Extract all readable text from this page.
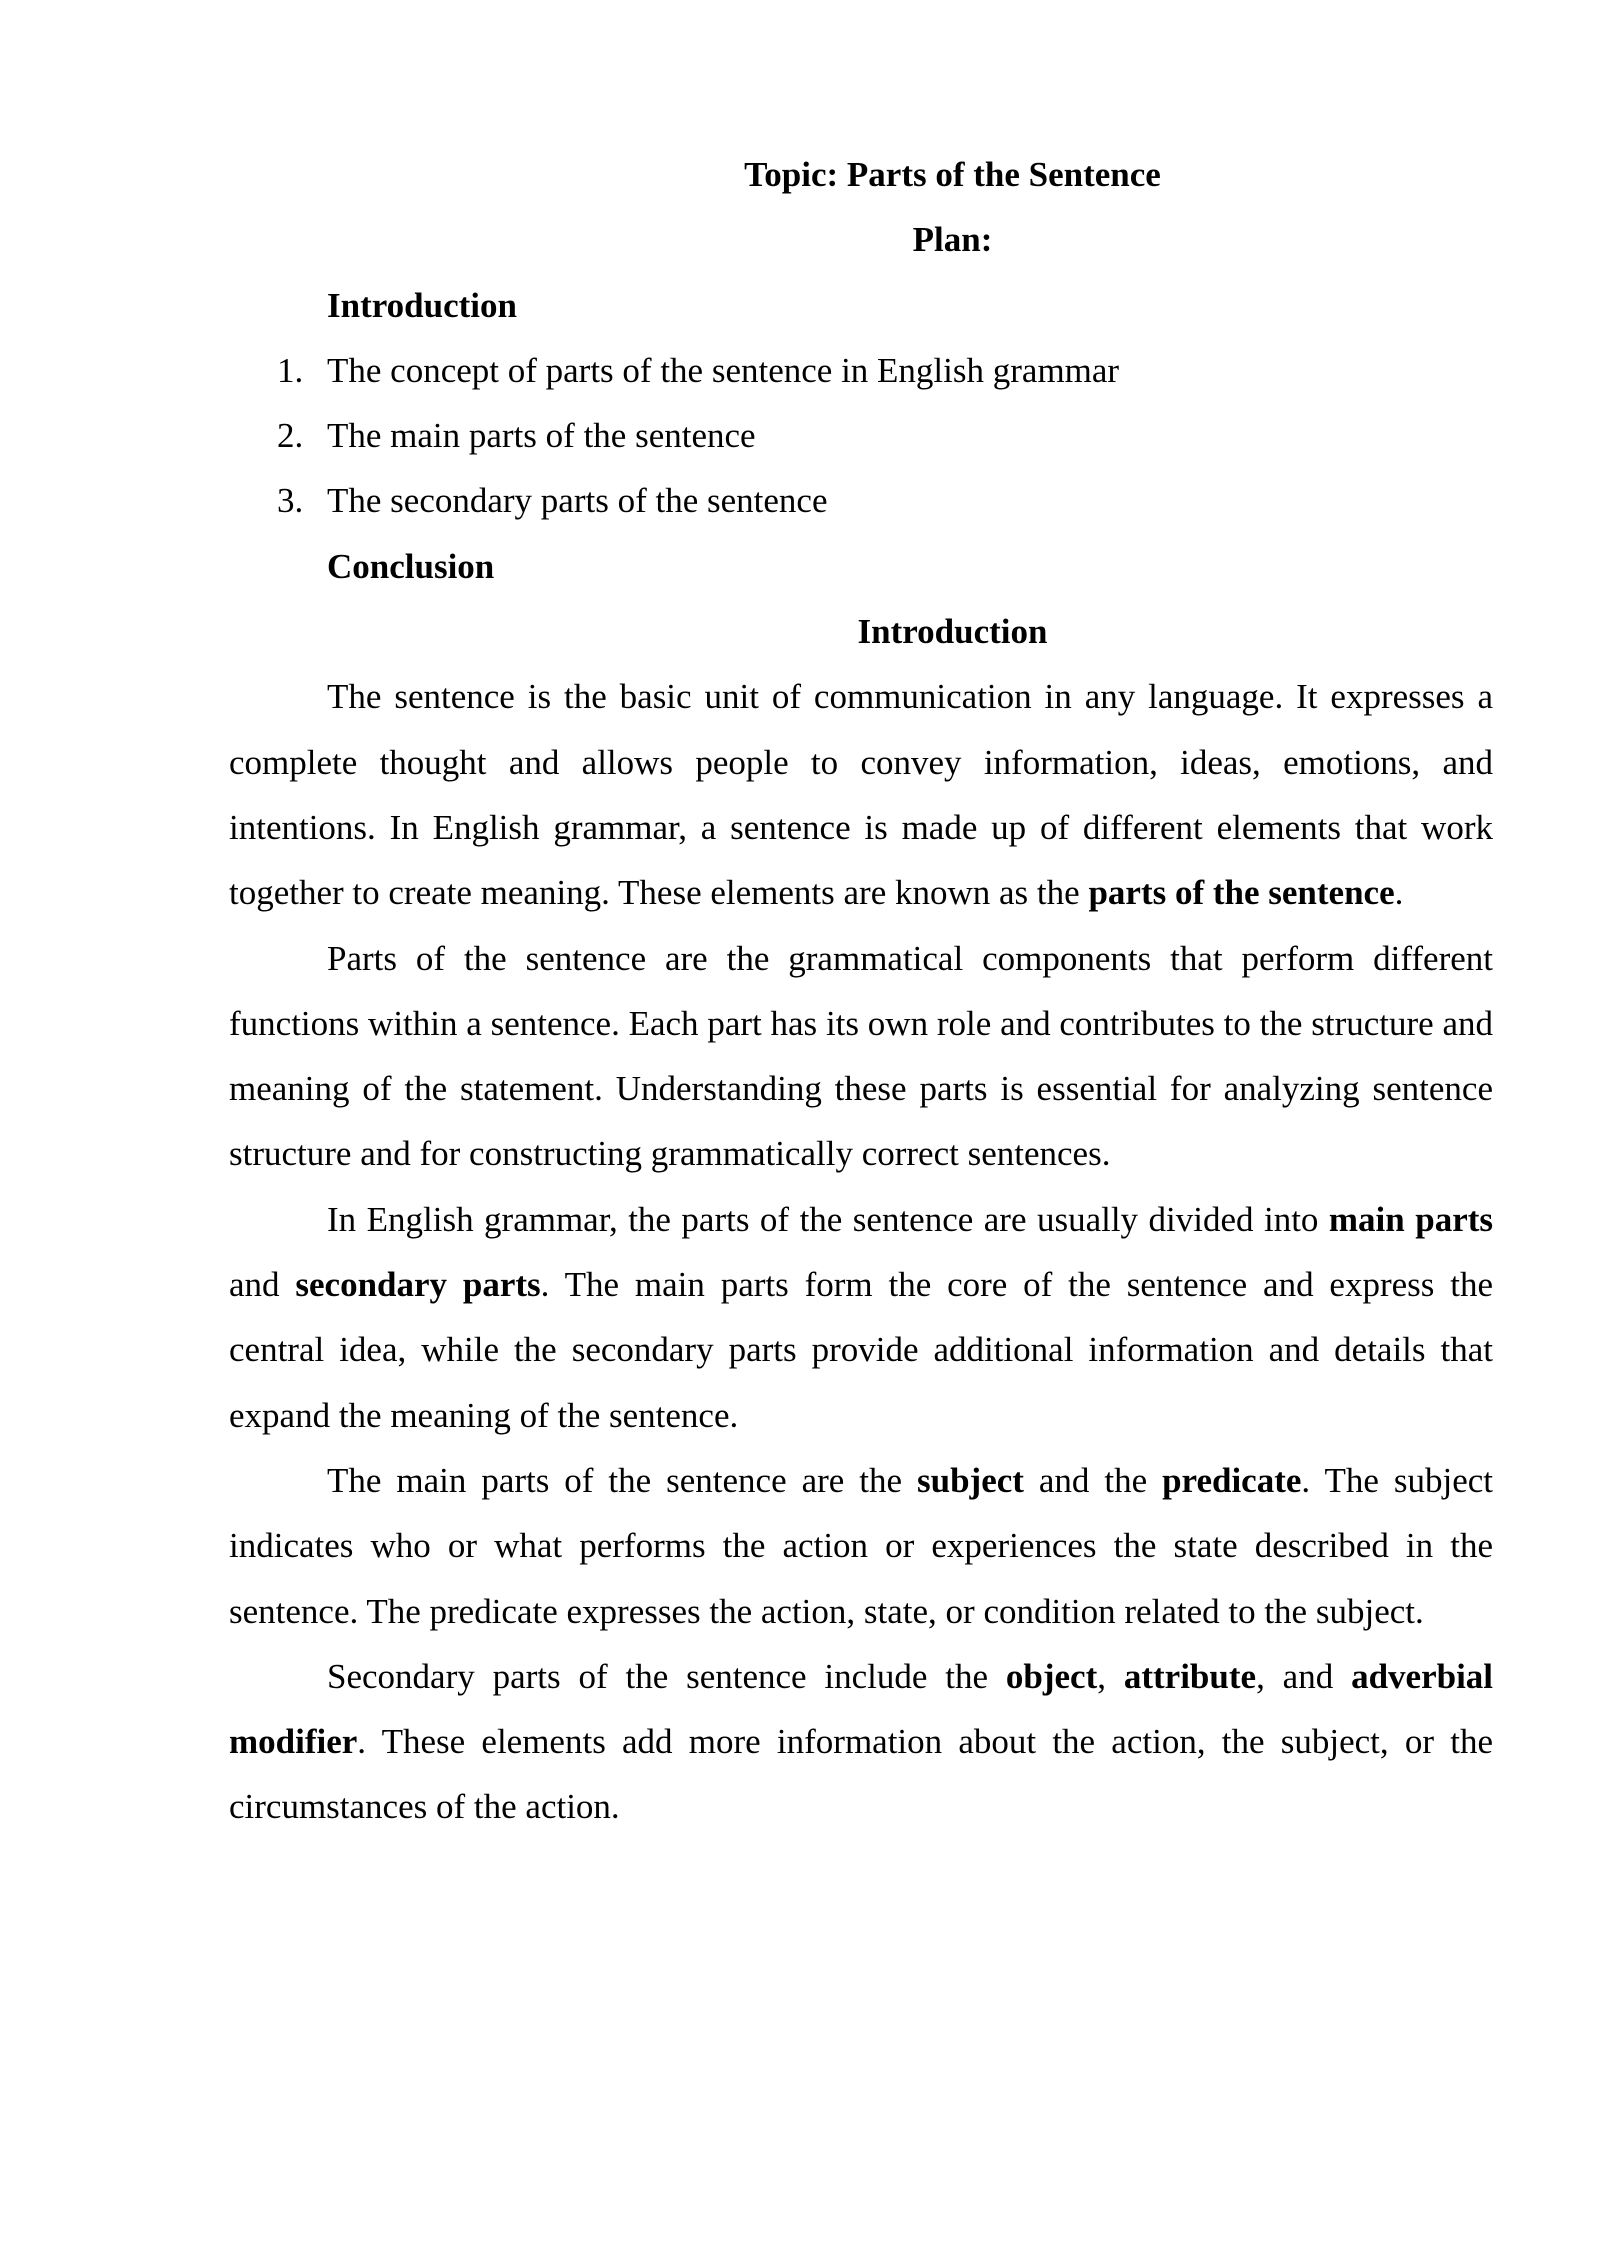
Topic: Parts of the Sentence
Plan:
Introduction
1. The concept of parts of the sentence in English grammar
2. The main parts of the sentence
3. The secondary parts of the sentence
Conclusion
Introduction

The sentence is the basic unit of communication in any language. It expresses a complete thought and allows people to convey information, ideas, emotions, and intentions. In English grammar, a sentence is made up of different elements that work together to create meaning. These elements are known as the parts of the sentence.

Parts of the sentence are the grammatical components that perform different functions within a sentence. Each part has its own role and contributes to the structure and meaning of the statement. Understanding these parts is essential for analyzing sentence structure and for constructing grammatically correct sentences.

In English grammar, the parts of the sentence are usually divided into main parts and secondary parts. The main parts form the core of the sentence and express the central idea, while the secondary parts provide additional information and details that expand the meaning of the sentence.

The main parts of the sentence are the subject and the predicate. The subject indicates who or what performs the action or experiences the state described in the sentence. The predicate expresses the action, state, or condition related to the subject.

Secondary parts of the sentence include the object, attribute, and adverbial modifier. These elements add more information about the action, the subject, or the circumstances of the action.
